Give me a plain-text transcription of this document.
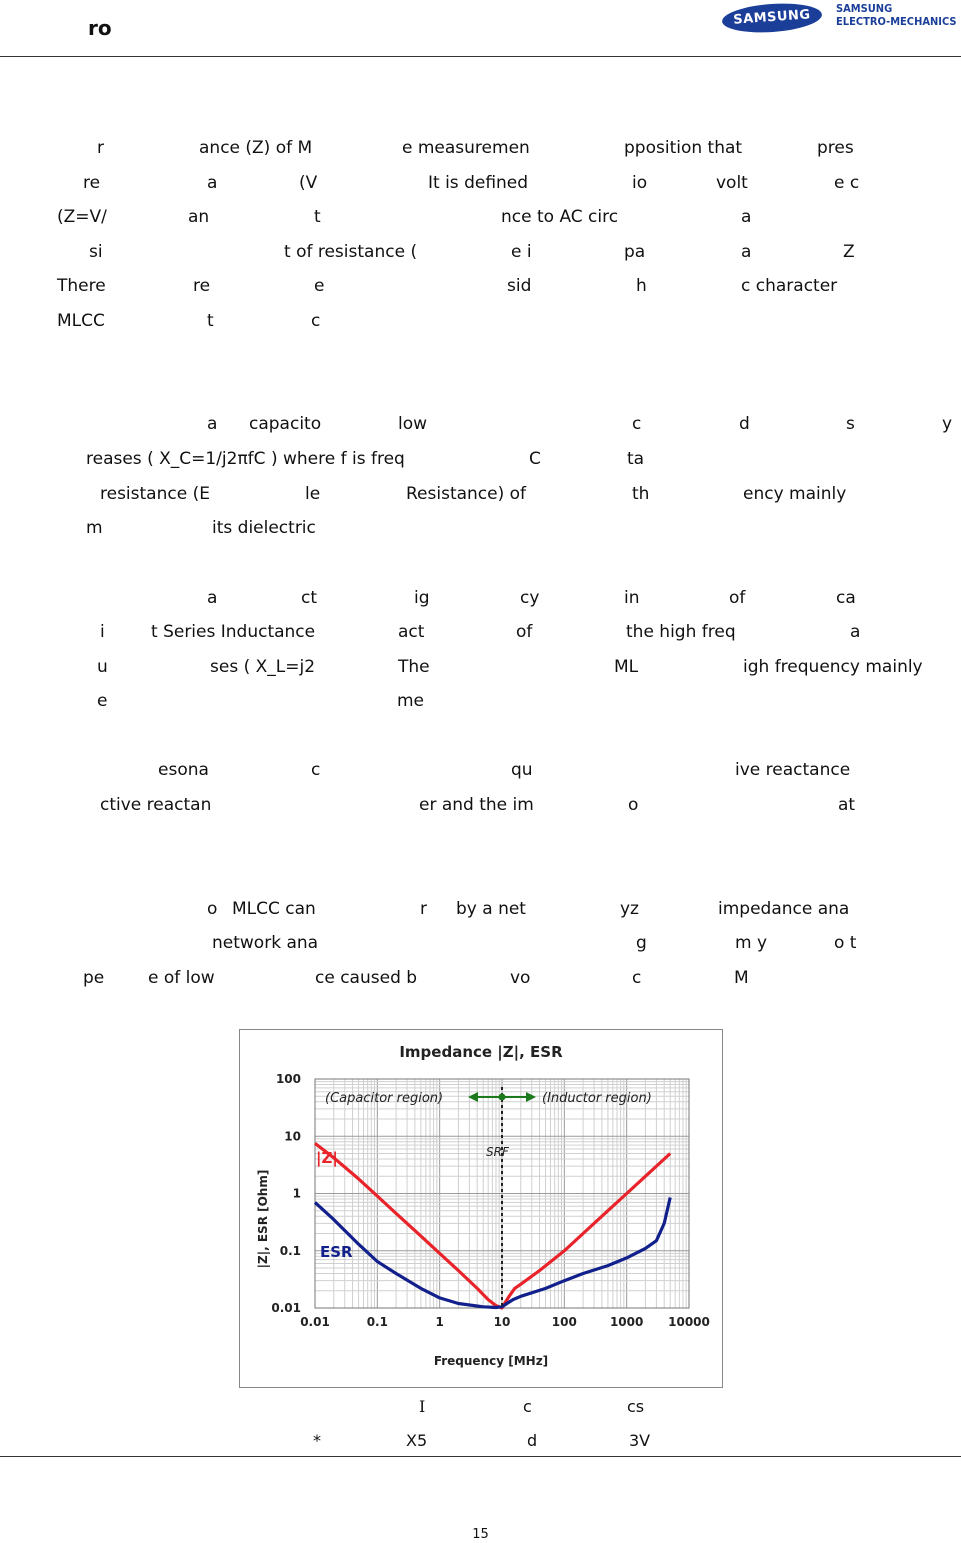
ro	SAMSUNG	SAMSUNG
ELECTRO-MECHANICS
r	ance (Z) of M	e measuremen	pposition that	pres
re	a	(V	It is defined	io	volt	e c
(Z=V/	an	t	nce to AC circ	a
si	t of resistance (	e i	pa	a	Z
There	re	e	sid	h	c character
MLCC	t	c
a capacito	low	c	d	s	y
reases ( X_C=1/j2πfC ) where f is freq	C	ta
resistance (E	le	Resistance) of	th	ency mainly
m	its dielectric
a	ct	ig	cy	in	of	ca
i	t Series Inductance	act	of	the high freq	a
u	ses ( X_L=j2	The	ML	igh frequency mainly
e	me
esona	c	qu	ive reactance
ctive reactan	er and the im	o	at
o MLCC can	r by a net	yz	impedance ana
network ana	g	m y	o t
pe	e of low	ce caused b	vo	c	M
Impedance |Z|, ESR
0.01	0.1	1	10	100	1000 10000
100
10
1
0.1
0.01
(Capacitor region)	(Inductor region)
SRF
|Z|, ESR [Ohm]
Frequency [MHz]
|Z|
ESR
I	c	cs
*	X5	d	3V
15
